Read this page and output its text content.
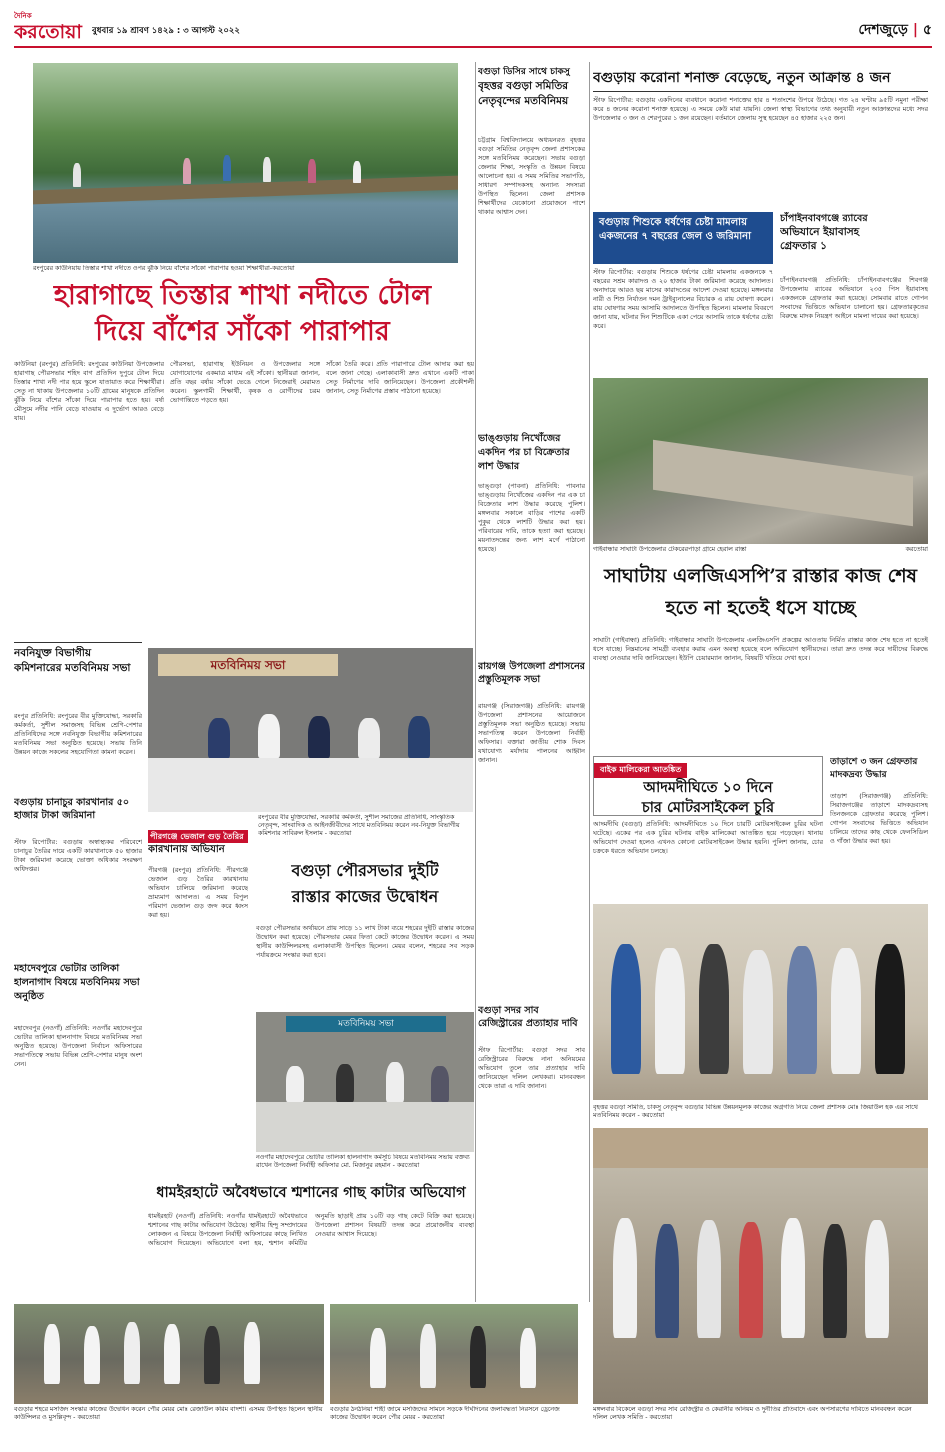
দৈনিক
করতোয়া বুধবার ১৯ শ্রাবণ ১৪২৯ : ৩ আগস্ট ২০২২	দেশজুড়ে | ৫
রংপুরের কাউনিয়ায় তিস্তার শাখা নদীতে ওপর ঝুঁকি নিয়ে বাঁশের সাঁকো পারাপার হওয়া শিক্ষার্থীরা-করতোয়া
হারাগাছে তিস্তার শাখা নদীতে টোল
দিয়ে বাঁশের সাঁকো পারাপার
কাউনিয়া (রংপুর) প্রতিনিধি: রংপুরের কাউনিয়া উপজেলার হারাগাছ পৌরসভার শহিদ বাগ প্রতিদিন দুপুরে টোল দিয়ে তিস্তার শাখা নদী পার হয়ে স্কুলে যাতায়াত করে শিক্ষার্থীরা। সেতু না থাকায় উপজেলার ১০টি গ্রামের মানুষকে প্রতিদিন ঝুঁকি নিয়ে বাঁশের সাঁকো দিয়ে পারাপার হতে হয়। বর্ষা মৌসুমে নদীর পানি বেড়ে যাওয়ায় এ দুর্ভোগ আরও বেড়ে যায়।
পৌরসভা, হারাগাছ ইউনিয়ন ও উপজেলার সঙ্গে যোগাযোগের একমাত্র মাধ্যম এই সাঁকো। স্থানীয়রা জানান, প্রতি বছর বর্ষায় সাঁকো ভেঙে গেলে নিজেরাই মেরামত করেন। স্কুলগামী শিক্ষার্থী, কৃষক ও রোগীদের চরম ভোগান্তিতে পড়তে হয়।
সাঁকো তৈরি করে। প্রতি পারাপারে টোল আদায় করা হয় বলে জানা গেছে। এলাকাবাসী দ্রুত এখানে একটি পাকা সেতু নির্মাণের দাবি জানিয়েছেন। উপজেলা প্রকৌশলী জানান, সেতু নির্মাণের প্রস্তাব পাঠানো হয়েছে।
বগুড়া ডিসির সাথে চাকসু
বৃহত্তর বগুড়া সমিতির
নেতৃবৃন্দের মতবিনিময়
চট্টগ্রাম বিশ্ববিদ্যালয়ে অধ্যয়নরত বৃহত্তর বগুড়া সমিতির নেতৃবৃন্দ জেলা প্রশাসকের সঙ্গে মতবিনিময় করেছেন। সভায় বগুড়া জেলার শিক্ষা, সংস্কৃতি ও উন্নয়ন বিষয়ে আলোচনা হয়। এ সময় সমিতির সভাপতি, সাধারণ সম্পাদকসহ অন্যান্য সদস্যরা উপস্থিত ছিলেন। জেলা প্রশাসক শিক্ষার্থীদের যেকোনো প্রয়োজনে পাশে থাকার আশ্বাস দেন।
ভাঙ্গুড়ায় নিখোঁজের একদিন পর চা বিক্রেতার লাশ উদ্ধার
ভাঙ্গুড়া (পাবনা) প্রতিনিধি: পাবনার ভাঙ্গুড়ায় নিখোঁজের একদিন পর এক চা বিক্রেতার লাশ উদ্ধার করেছে পুলিশ। মঙ্গলবার সকালে বাড়ির পাশের একটি পুকুর থেকে লাশটি উদ্ধার করা হয়। পরিবারের দাবি, তাকে হত্যা করা হয়েছে। ময়নাতদন্তের জন্য লাশ মর্গে পাঠানো হয়েছে।
বগুড়ায় করোনা শনাক্ত বেড়েছে, নতুন আক্রান্ত ৪ জন
স্টাফ রিপোর্টার: বগুড়ায় একদিনের ব্যবধানে করোনা শনাক্তের হার ৪ শতাংশের উপরে উঠেছে। গত ২৪ ঘণ্টায় ৯৫টি নমুনা পরীক্ষা করে ৪ জনের করোনা শনাক্ত হয়েছে। এ সময়ে কেউ মারা যায়নি। জেলা স্বাস্থ্য বিভাগের তথ্য অনুযায়ী নতুন আক্রান্তদের মধ্যে সদর উপজেলার ৩ জন ও শেরপুরের ১ জন রয়েছেন। বর্তমানে জেলায় সুস্থ হয়েছেন ৪৫ হাজার ২২৫ জন।
বগুড়ায় শিশুকে ধর্ষণের চেষ্টা মামলায়
একজনের ৭ বছরের জেল ও জরিমানা
স্টাফ রিপোর্টার: বগুড়ায় শিশুকে ধর্ষণের চেষ্টা মামলায় একজনকে ৭ বছরের সশ্রম কারাদণ্ড ও ২০ হাজার টাকা জরিমানা করেছে আদালত। অনাদায়ে আরও ছয় মাসের কারাদণ্ডের আদেশ দেওয়া হয়েছে। মঙ্গলবার নারী ও শিশু নির্যাতন দমন ট্রাইব্যুনালের বিচারক এ রায় ঘোষণা করেন। রায় ঘোষণার সময় আসামি আদালতে উপস্থিত ছিলেন। মামলার বিবরণে জানা যায়, ঘটনার দিন শিশুটিকে একা পেয়ে আসামি তাকে ধর্ষণের চেষ্টা করে।
চাঁপাইনবাবগঞ্জে র‌্যাবের
অভিযানে ইয়াবাসহ
গ্রেফতার ১
চাঁপাইনবাবগঞ্জ প্রতিনিধি: চাঁপাইনবাবগঞ্জের শিবগঞ্জ উপজেলায় র‌্যাবের অভিযানে ২৩৫ পিস ইয়াবাসহ একজনকে গ্রেফতার করা হয়েছে। সোমবার রাতে গোপন সংবাদের ভিত্তিতে অভিযান চালানো হয়। গ্রেফতারকৃতের বিরুদ্ধে মাদক নিয়ন্ত্রণ আইনে মামলা দায়ের করা হয়েছে।
গাইবান্ধার সাঘাটা উপজেলার টেকরেরপাড়া গ্রামে হেরাল রাস্তা	করতোয়া
সাঘাটায় এলজিএসপি’র রাস্তার কাজ শেষ হতে না হতেই ধসে যাচ্ছে
সাঘাটা (গাইবান্ধা) প্রতিনিধি: গাইবান্ধার সাঘাটা উপজেলায় এলজিএসপি প্রকল্পের আওতায় নির্মিত রাস্তার কাজ শেষ হতে না হতেই ধসে যাচ্ছে। নিম্নমানের সামগ্রী ব্যবহার করায় এমন অবস্থা হয়েছে বলে অভিযোগ স্থানীয়দের। তারা দ্রুত তদন্ত করে দায়ীদের বিরুদ্ধে ব্যবস্থা নেওয়ার দাবি জানিয়েছেন। ইউপি চেয়ারম্যান জানান, বিষয়টি খতিয়ে দেখা হবে।
নবনিযুক্ত বিভাগীয় কমিশনারের মতবিনিময় সভা
রংপুর প্রতিনিধি: রংপুরের বীর মুক্তিযোদ্ধা, সরকারি কর্মকর্তা, সুশীল সমাজসহ বিভিন্ন শ্রেণি-পেশার প্রতিনিধিদের সঙ্গে নবনিযুক্ত বিভাগীয় কমিশনারের মতবিনিময় সভা অনুষ্ঠিত হয়েছে। সভায় তিনি উন্নয়ন কাজে সকলের সহযোগিতা কামনা করেন।
বগুড়ায় চানাচুর কারখানার ৫০ হাজার টাকা জরিমানা
স্টাফ রিপোর্টার: বগুড়ায় অস্বাস্থ্যকর পরিবেশে চানাচুর তৈরির দায়ে একটি কারখানাকে ৫০ হাজার টাকা জরিমানা করেছে ভোক্তা অধিকার সংরক্ষণ অধিদপ্তর।
মহাদেবপুরে ভোটার তালিকা হালনাগাদ বিষয়ে মতবিনিময় সভা অনুষ্ঠিত
মহাদেবপুর (নওগাঁ) প্রতিনিধি: নওগাঁর মহাদেবপুরে ভোটার তালিকা হালনাগাদ বিষয়ে মতবিনিময় সভা অনুষ্ঠিত হয়েছে। উপজেলা নির্বাচন অফিসারের সভাপতিত্বে সভায় বিভিন্ন শ্রেণি-পেশার মানুষ অংশ নেন।
মতবিনিময় সভা
রংপুরের বীর মুক্তিযোদ্ধা, সরকারি কর্মকর্তা, সুশীল সমাজের প্রতিনিধি, সাংস্কৃতিক নেতৃবৃন্দ, সাংবাদিক ও আইনজীবীদের সাথে মতবিনিময় করেন নব-নিযুক্ত বিভাগীয় কমিশনার সাবিরুল ইসলাম - করতোয়া
পীরগঞ্জে ভেজাল গুড় তৈরির
কারখানায় অভিযান
পীরগঞ্জ (রংপুর) প্রতিনিধি: পীরগঞ্জে ভেজাল গুড় তৈরির কারখানায় অভিযান চালিয়ে জরিমানা করেছে ভ্রাম্যমাণ আদালত। এ সময় বিপুল পরিমাণ ভেজাল গুড় জব্দ করে ধ্বংস করা হয়।
বগুড়া পৌরসভার দুইটি
রাস্তার কাজের উদ্বোধন
বগুড়া পৌরসভার অর্থায়নে প্রায় সাড়ে ১১ লাখ টাকা ব্যয়ে শহরের দুইটি রাস্তার কাজের উদ্বোধন করা হয়েছে। পৌরসভার মেয়র ফিতা কেটে কাজের উদ্বোধন করেন। এ সময় স্থানীয় কাউন্সিলরসহ এলাকাবাসী উপস্থিত ছিলেন। মেয়র বলেন, শহরের সব সড়ক পর্যায়ক্রমে সংস্কার করা হবে।
মতবিনিময় সভা
নওগাঁর মহাদেবপুরে ভোটার তালিকা হালনাগাদ কর্মসূচি বিষয়ে মতবিনিময় সভায় বক্তব্য রাখেন উপজেলা নির্বাহী অফিসার মো. মিজানুর রহমান - করতোয়া
ধামইরহাটে অবৈধভাবে শ্মশানের গাছ কাটার অভিযোগ
ধামইরহাট (নওগাঁ) প্রতিনিধি: নওগাঁর ধামইরহাটে অবৈধভাবে শ্মশানের গাছ কাটার অভিযোগ উঠেছে। স্থানীয় হিন্দু সম্প্রদায়ের লোকজন এ বিষয়ে উপজেলা নির্বাহী অফিসারের কাছে লিখিত অভিযোগ দিয়েছেন। অভিযোগে বলা হয়, শ্মশান কমিটির অনুমতি ছাড়াই প্রায় ১০টি বড় গাছ কেটে বিক্রি করা হয়েছে। উপজেলা প্রশাসন বিষয়টি তদন্ত করে প্রয়োজনীয় ব্যবস্থা নেওয়ার আশ্বাস দিয়েছে।
রায়গঞ্জ উপজেলা প্রশাসনের প্রস্তুতিমূলক সভা
রায়গঞ্জ (সিরাজগঞ্জ) প্রতিনিধি: রায়গঞ্জ উপজেলা প্রশাসনের আয়োজনে প্রস্তুতিমূলক সভা অনুষ্ঠিত হয়েছে। সভায় সভাপতিত্ব করেন উপজেলা নির্বাহী অফিসার। বক্তারা জাতীয় শোক দিবস যথাযোগ্য মর্যাদায় পালনের আহ্বান জানান।
বগুড়া সদর সাব রেজিস্ট্রারের প্রত্যাহার দাবি
স্টাফ রিপোর্টার: বগুড়া সদর সাব রেজিস্ট্রারের বিরুদ্ধে নানা অনিয়মের অভিযোগ তুলে তার প্রত্যাহার দাবি জানিয়েছেন দলিল লেখকরা। মানববন্ধন থেকে তারা এ দাবি জানান।
বাইক মালিকেরা আতঙ্কিত
আদমদীঘিতে ১০ দিনে
চার মোটরসাইকেল চুরি
আদমদীঘি (বগুড়া) প্রতিনিধি: আদমদীঘিতে ১০ দিনে চারটি মোটরসাইকেল চুরির ঘটনা ঘটেছে। একের পর এক চুরির ঘটনায় বাইক মালিকেরা আতঙ্কিত হয়ে পড়েছেন। থানায় অভিযোগ দেওয়া হলেও এখনও কোনো মোটরসাইকেল উদ্ধার হয়নি। পুলিশ জানায়, চোর চক্রকে ধরতে অভিযান চলছে।
তাড়াশে ৩ জন গ্রেফতার
মাদকদ্রব্য উদ্ধার
তাড়াশ (সিরাজগঞ্জ) প্রতিনিধি: সিরাজগঞ্জের তাড়াশে মাদকদ্রব্যসহ তিনজনকে গ্রেফতার করেছে পুলিশ। গোপন সংবাদের ভিত্তিতে অভিযান চালিয়ে তাদের কাছ থেকে ফেনসিডিল ও গাঁজা উদ্ধার করা হয়।
বৃহত্তর বগুড়া সমিতি, চাকসু নেতৃবৃন্দ বগুড়ার বিভিন্ন উন্নয়নমূলক কাজের অগ্রগতি নিয়ে জেলা প্রশাসক মোঃ জিয়াউল হক এর সাথে মতবিনিময় করেন - করতোয়া
বগুড়ার শহরে মসজিদ সংস্কার কাজের উদ্বোধন করেন পৌর মেয়র মোঃ রেজাউল করিম বাদশা। এসময় উপস্থিত ছিলেন স্থানীয় কাউন্সিলর ও মুসল্লিবৃন্দ - করতোয়া
বগুড়ার ঠনঠনিয়া শাহী জামে মসজিদের সামনে সড়কে দীর্ঘদিনের জলাবদ্ধতা নিরসনে ড্রেনেজ কাজের উদ্বোধন করেন পৌর মেয়র - করতোয়া
মঙ্গলবার বিকেলে বগুড়া সদর সাব রেজিস্ট্রার ও কেরানীর অনিয়ম ও দুর্নীতির প্রতিবাদে এবং অপসারণের দাবিতে মানববন্ধন করেন দলিল লেখক সমিতি - করতোয়া
